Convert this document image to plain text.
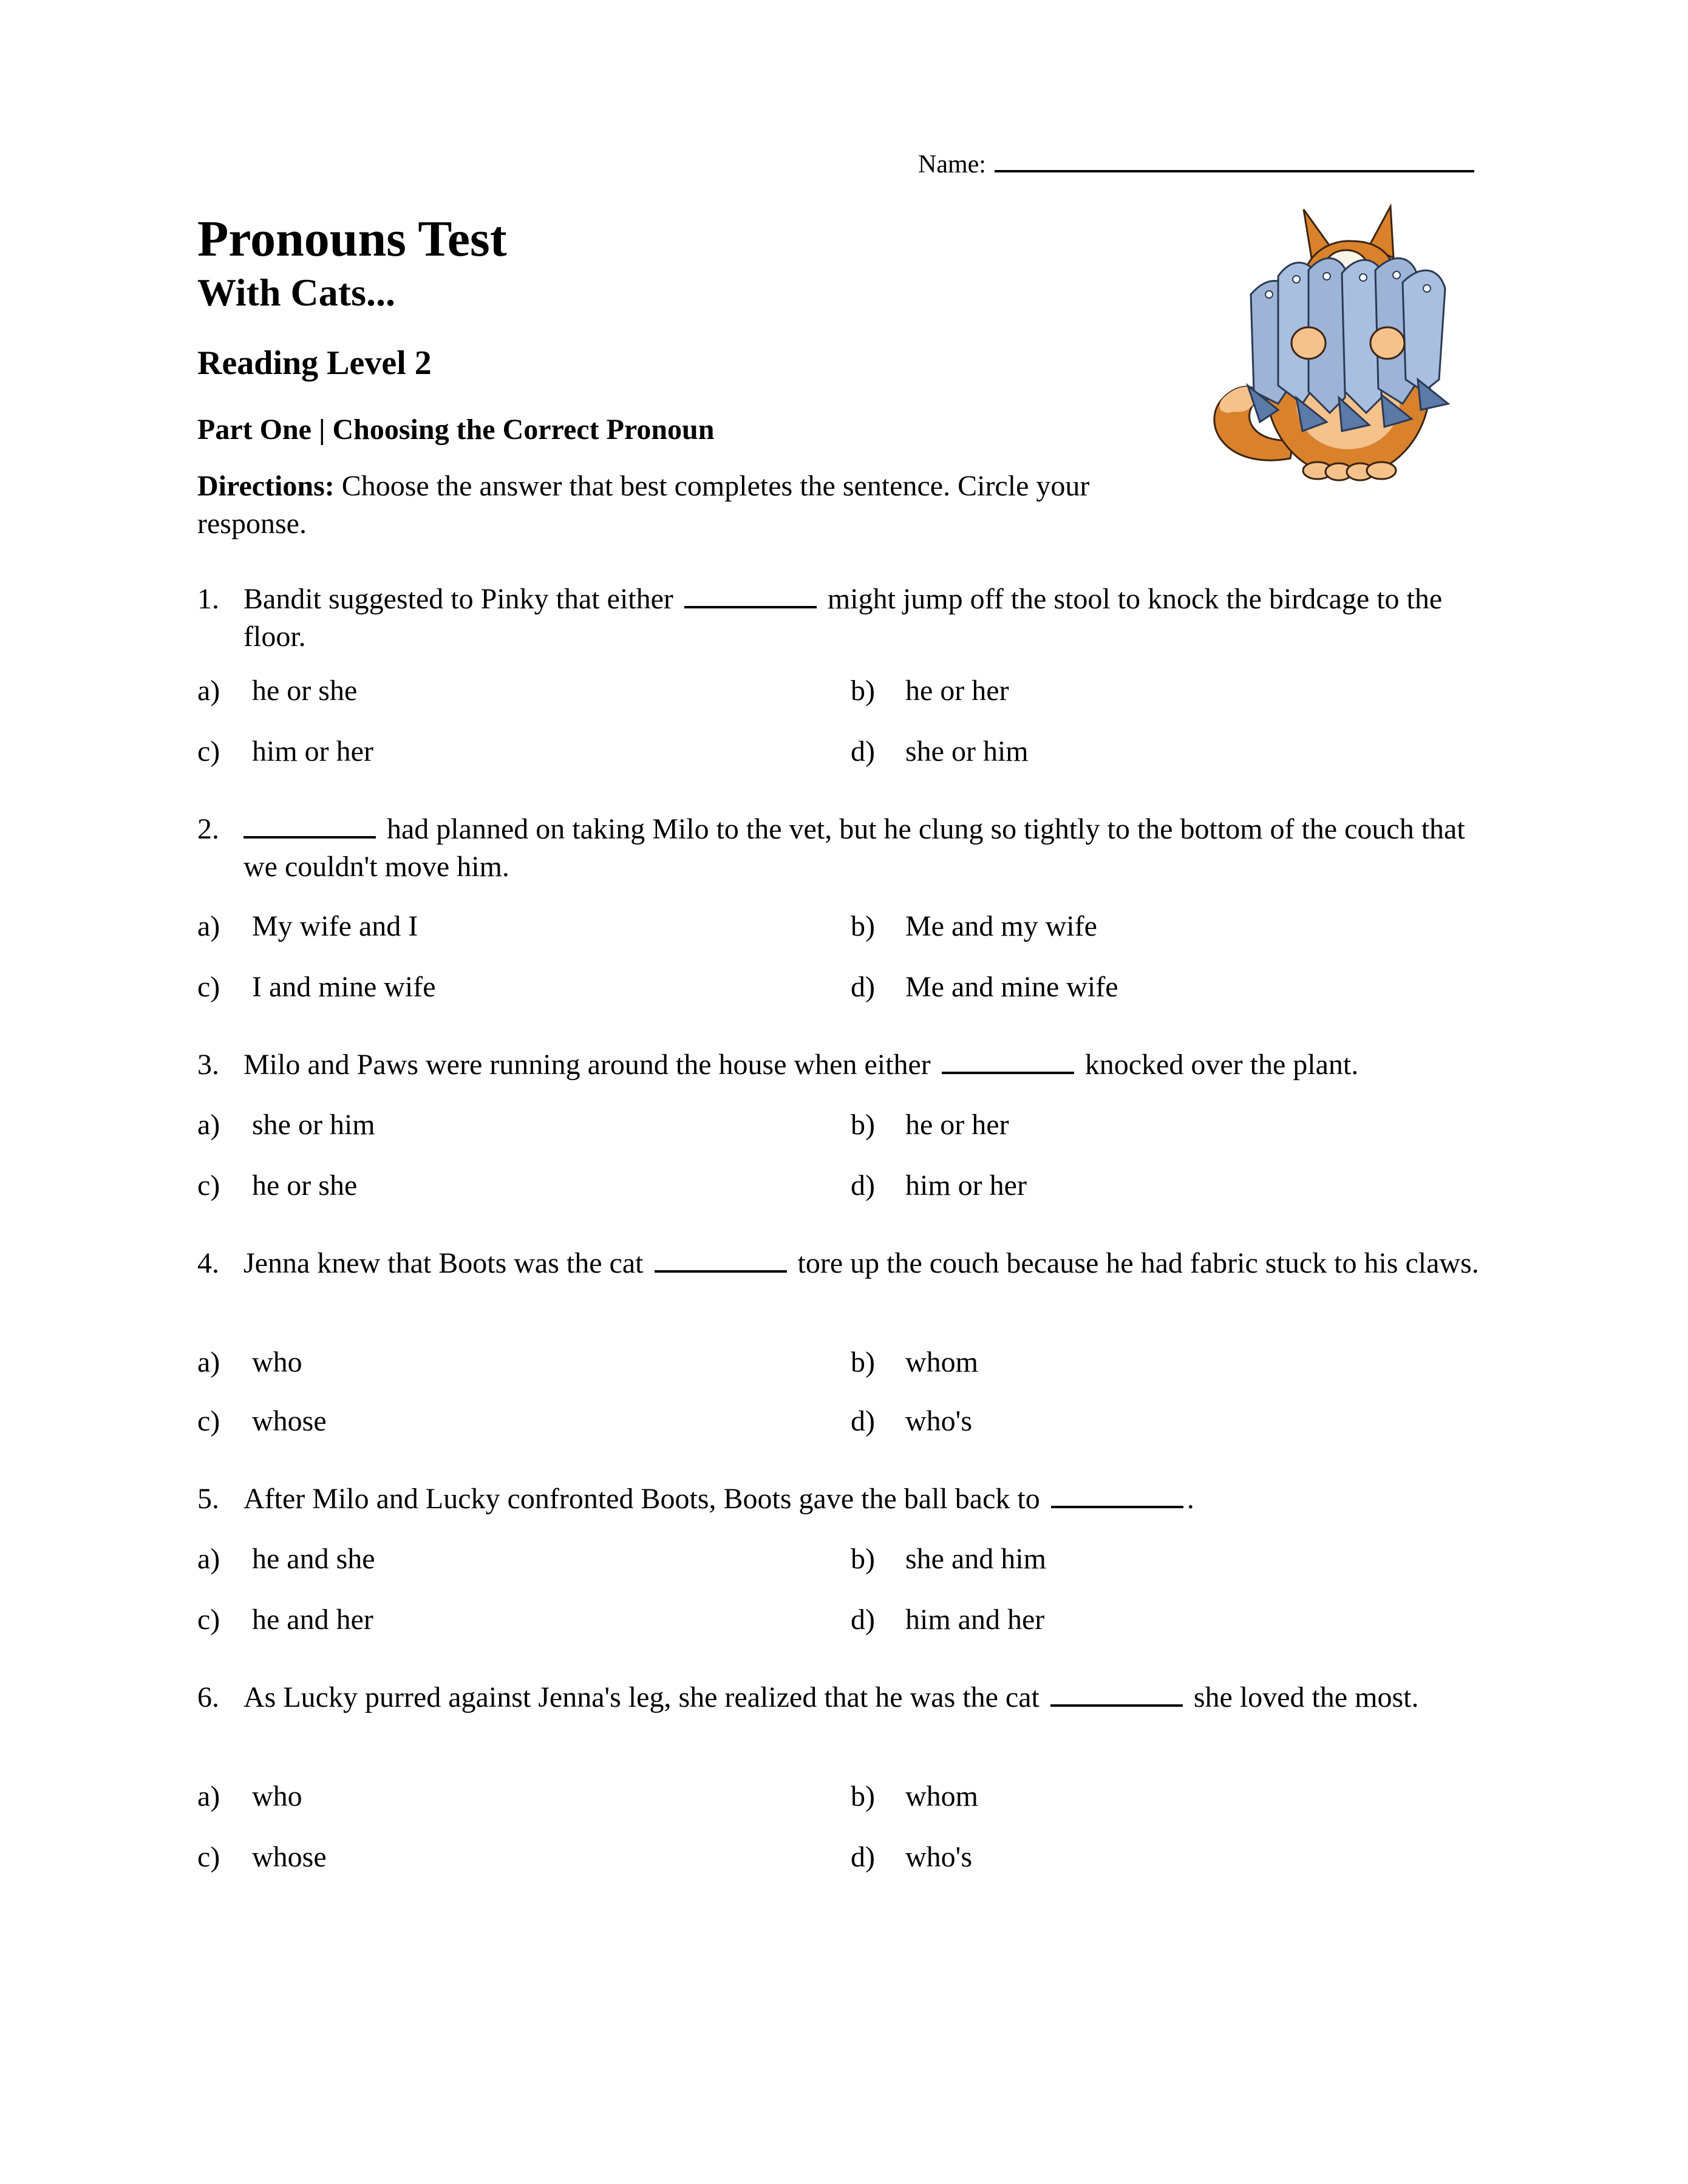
Name:
Pronouns Test
With Cats...
Reading Level 2
Part One | Choosing the Correct Pronoun
Directions: Choose the answer that best completes the sentence. Circle your response.
1. Bandit suggested to Pinky that either	might jump off the stool to knock the birdcage to the floor.
a) he or she	b) he or her
c) him or her	d) she or him
2.	had planned on taking Milo to the vet, but he clung so tightly to the bottom of the couch that we couldn't move him.
a) My wife and I	b) Me and my wife
c) I and mine wife	d) Me and mine wife
3. Milo and Paws were running around the house when either	knocked over the plant.
a) she or him	b) he or her
c) he or she	d) him or her
4. Jenna knew that Boots was the cat	tore up the couch because he had fabric stuck to his claws.
a) who	b) whom
c) whose	d) who's
5. After Milo and Lucky confronted Boots, Boots gave the ball back to	.
a) he and she	b) she and him
c) he and her	d) him and her
6. As Lucky purred against Jenna's leg, she realized that he was the cat	she loved the most.
a) who	b) whom
c) whose	d) who's
